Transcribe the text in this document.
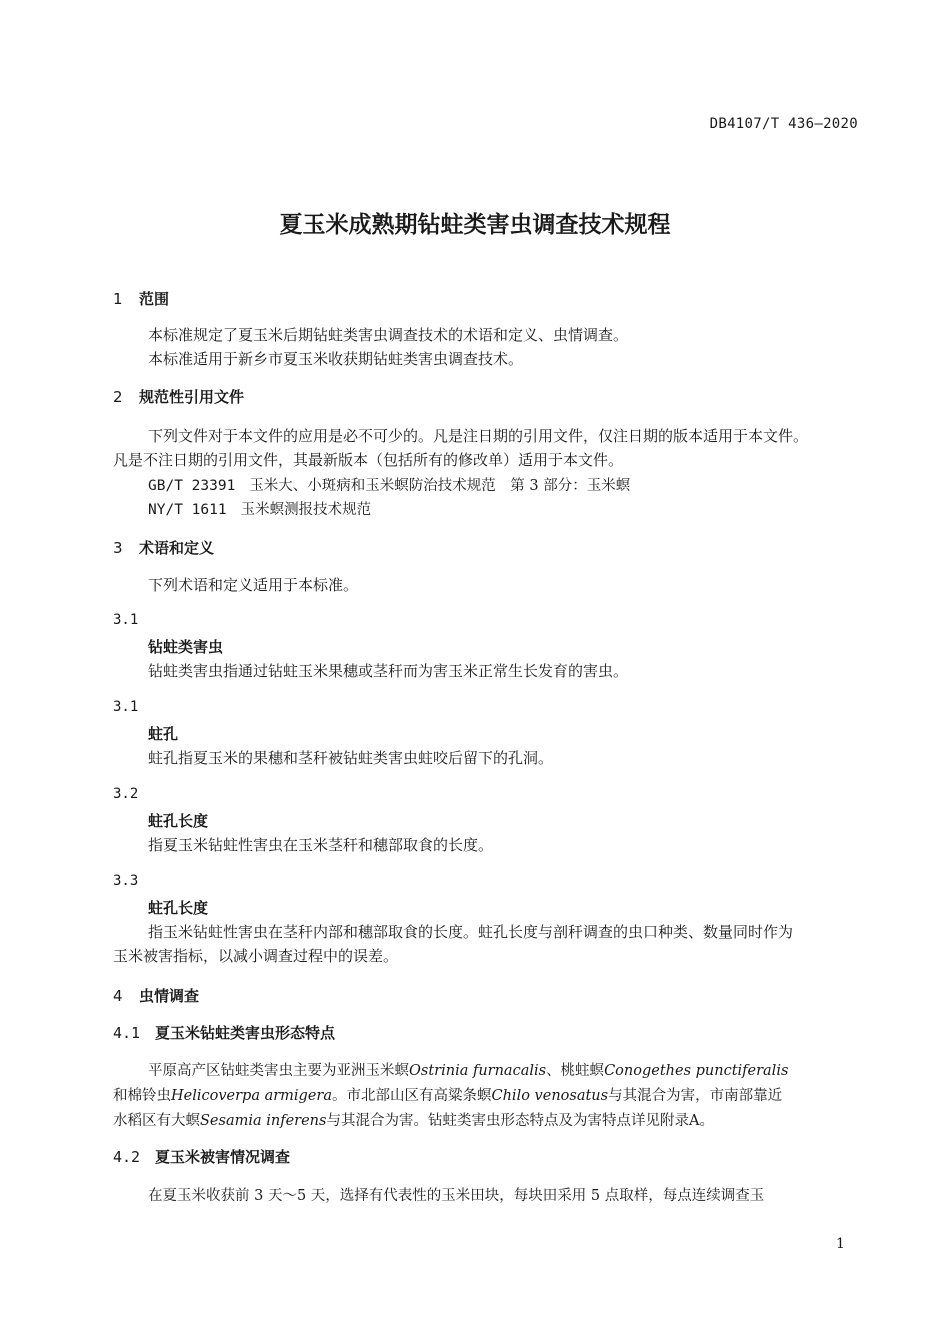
DB4107/T 436—2020
夏玉米成熟期钻蛀类害虫调查技术规程
1 范围
本标准规定了夏玉米后期钻蛀类害虫调查技术的术语和定义、虫情调查。
本标准适用于新乡市夏玉米收获期钻蛀类害虫调查技术。
2 规范性引用文件
下列文件对于本文件的应用是必不可少的。凡是注日期的引用文件，仅注日期的版本适用于本文件。
凡是不注日期的引用文件，其最新版本（包括所有的修改单）适用于本文件。
GB/T 23391 玉米大、小斑病和玉米螟防治技术规范　第 3 部分：玉米螟
NY/T 1611 玉米螟测报技术规范
3 术语和定义
下列术语和定义适用于本标准。
3.1
钻蛀类害虫
钻蛀类害虫指通过钻蛀玉米果穗或茎秆而为害玉米正常生长发育的害虫。
3.1
蛀孔
蛀孔指夏玉米的果穗和茎秆被钻蛀类害虫蛀咬后留下的孔洞。
3.2
蛀孔长度
指夏玉米钻蛀性害虫在玉米茎秆和穗部取食的长度。
3.3
蛀孔长度
指玉米钻蛀性害虫在茎秆内部和穗部取食的长度。蛀孔长度与剖秆调查的虫口种类、数量同时作为
玉米被害指标，以减小调查过程中的误差。
4 虫情调查
4.1 夏玉米钻蛀类害虫形态特点
平原高产区钻蛀类害虫主要为亚洲玉米螟Ostrinia furnacalis、桃蛀螟Conogethes punctiferalis
和棉铃虫Helicoverpa armigera。市北部山区有高粱条螟Chilo venosatus与其混合为害，市南部靠近
水稻区有大螟Sesamia inferens与其混合为害。钻蛀类害虫形态特点及为害特点详见附录A。
4.2 夏玉米被害情况调查
在夏玉米收获前 3 天～5 天，选择有代表性的玉米田块，每块田采用 5 点取样，每点连续调查玉
1
